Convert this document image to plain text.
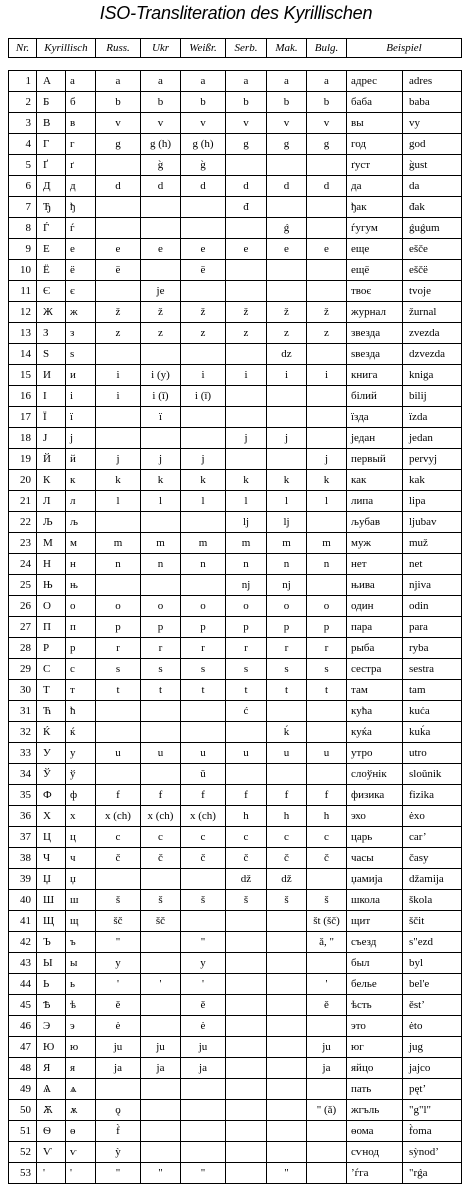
ISO-Transliteration des Kyrillischen
Nr.	Kyrillisch	Russ.	Ukr	Weißr.	Serb.	Mak.	Bulg.	Beispiel
1	А	а	a	a	a	a	a	a	адрес	adres
2	Б	б	b	b	b	b	b	b	баба	baba
3	В	в	v	v	v	v	v	v	вы	vy
4	Г	г	g	g (h)	g (h)	g	g	g	год	god
5	Ґ	ґ		g̀	g̀				ґуст	g̀ust
6	Д	д	d	d	d	d	d	d	да	da
7	Ђ	ђ				đ			ђак	đak
8	Ѓ	ѓ					ǵ		ѓугум	ǵuǵum
9	Е	е	e	e	e	e	e	e	еще	ešče
10	Ё	ё	ë		ë				ещё	eščë
11	Є	є		je					твоє	tvoje
12	Ж	ж	ž	ž	ž	ž	ž	ž	журнал	žurnal
13	З	з	z	z	z	z	z	z	звезда	zvezda
14	Ѕ	ѕ					dz		ѕвезда	dzvezda
15	И	и	i	i (y)	i	i	i	i	книга	kniga
16	І	і	i	i (ī)	i (ī)				білий	bilij
17	Ї	ї		ï					їзда	ïzda
18	Ј	ј				j	j		један	jedan
19	Й	й	j	j	j			j	первый	pervyj
20	К	к	k	k	k	k	k	k	как	kak
21	Л	л	l	l	l	l	l	l	липа	lipa
22	Љ	љ				lj	lj		љубав	ljubav
23	М	м	m	m	m	m	m	m	муж	muž
24	Н	н	n	n	n	n	n	n	нет	net
25	Њ	њ				nj	nj		њива	njiva
26	О	о	o	o	o	o	o	o	один	odin
27	П	п	p	p	p	p	p	p	пара	para
28	Р	р	r	r	r	r	r	r	рыба	ryba
29	С	с	s	s	s	s	s	s	сестра	sestra
30	Т	т	t	t	t	t	t	t	там	tam
31	Ћ	ћ				ć			кућа	kuća
32	Ќ	ќ					ḱ		куќа	kuḱa
33	У	у	u	u	u	u	u	u	утро	utro
34	Ў	ў			ŭ				слоўнік	sloŭnik
35	Ф	ф	f	f	f	f	f	f	физика	fizika
36	Х	х	x (ch)	x (ch)	x (ch)	h	h	h	эхо	ėxo
37	Ц	ц	c	c	c	c	c	c	царь	car’
38	Ч	ч	č	č	č	č	č	č	часы	časy
39	Џ	џ				dž	dž		џамија	džamija
40	Ш	ш	š	š	š	š	š	š	школа	škola
41	Щ	щ	šč	šč				št (šč)	щит	ščit
42	Ъ	ъ	"		"			ǎ, "	съезд	s"ezd
43	Ы	ы	y		y				был	byl
44	Ь	ь	'	'	'			'	бельe	bel'e
45	Ѣ	ѣ	ě		ě			ě	ѣсть	ěst’
46	Э	э	ė		ė				это	ėto
47	Ю	ю	ju	ju	ju			ju	юг	jug
48	Я	я	ja	ja	ja			ja	яйцо	jajco
49	Ѧ	ѧ							пать	pęt’
50	Ѫ	ѫ	ǫ					" (ǎ)	жгъль	"g"l"
51	Ѳ	ѳ	f̀						ѳома	f̀oma
52	Ѵ	ѵ	ỳ						сѵнод	sỳnod’
53	'	'	"	"	"		"		ʼѓга	"rǵa
